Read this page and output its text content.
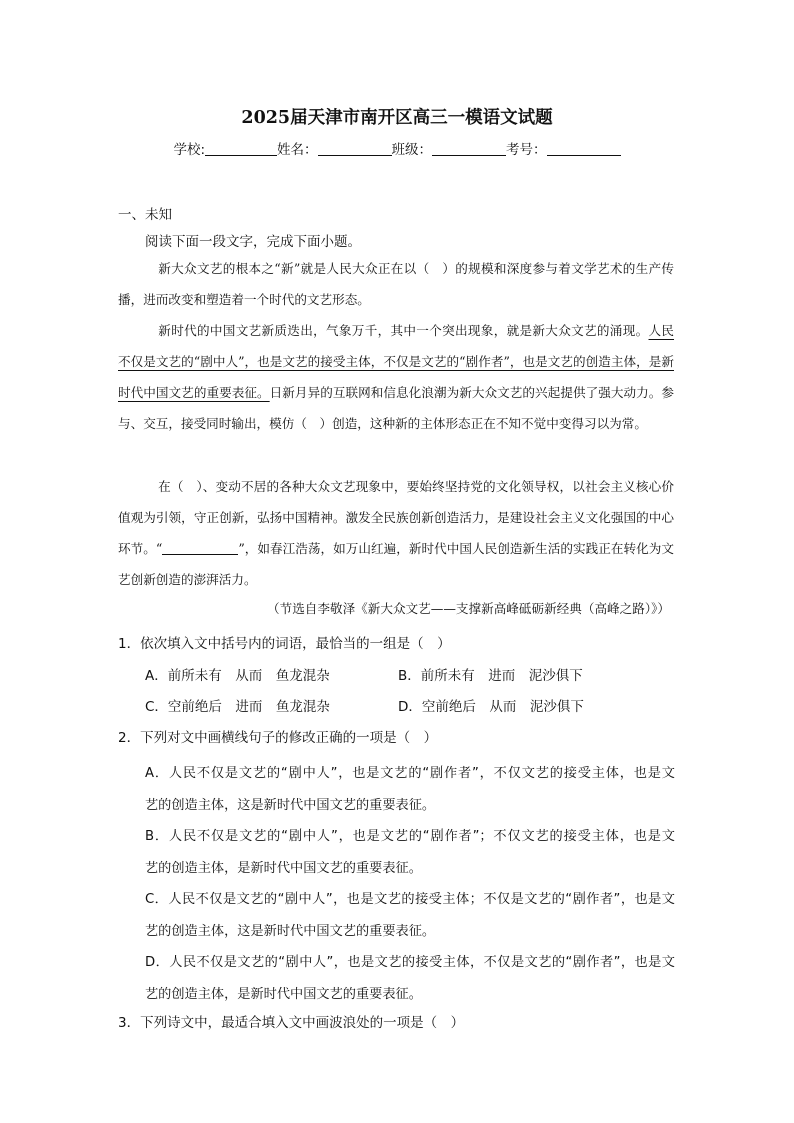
2025届天津市南开区高三一模语文试题
学校:	姓名：	班级：	考号：
一、未知
阅读下面一段文字，完成下面小题。
新大众文艺的根本之“新”就是人民大众正在以（　）的规模和深度参与着文学艺术的生产传播，进而改变和塑造着一个时代的文艺形态。
新时代的中国文艺新质迭出，气象万千，其中一个突出现象，就是新大众文艺的涌现。人民不仅是文艺的“剧中人”，也是文艺的接受主体，不仅是文艺的“剧作者”，也是文艺的创造主体，是新时代中国文艺的重要表征。日新月异的互联网和信息化浪潮为新大众文艺的兴起提供了强大动力。参与、交互，接受同时输出，模仿（　）创造，这种新的主体形态正在不知不觉中变得习以为常。
在（　）、变动不居的各种大众文艺现象中，要始终坚持党的文化领导权，以社会主义核心价值观为引领，守正创新，弘扬中国精神。激发全民族创新创造活力，是建设社会主义文化强国的中心环节。“	”，如春江浩荡，如万山红遍，新时代中国人民创造新生活的实践正在转化为文艺创新创造的澎湃活力。
（节选自李敬泽《新大众文艺——支撑新高峰砥砺新经典（高峰之路）》）
1．依次填入文中括号内的词语，最恰当的一组是（　）
A．前所未有　从而　鱼龙混杂	B．前所未有　进而　泥沙俱下
C．空前绝后　进而　鱼龙混杂	D．空前绝后　从而　泥沙俱下
2．下列对文中画横线句子的修改正确的一项是（　）
A．人民不仅是文艺的“剧中人”，也是文艺的“剧作者”，不仅文艺的接受主体，也是文
艺的创造主体，这是新时代中国文艺的重要表征。
B．人民不仅是文艺的“剧中人”，也是文艺的“剧作者”；不仅文艺的接受主体，也是文
艺的创造主体，是新时代中国文艺的重要表征。
C．人民不仅是文艺的“剧中人”，也是文艺的接受主体；不仅是文艺的“剧作者”，也是文
艺的创造主体，这是新时代中国文艺的重要表征。
D．人民不仅是文艺的“剧中人”，也是文艺的接受主体，不仅是文艺的“剧作者”，也是文
艺的创造主体，是新时代中国文艺的重要表征。
3．下列诗文中，最适合填入文中画波浪处的一项是（　）
